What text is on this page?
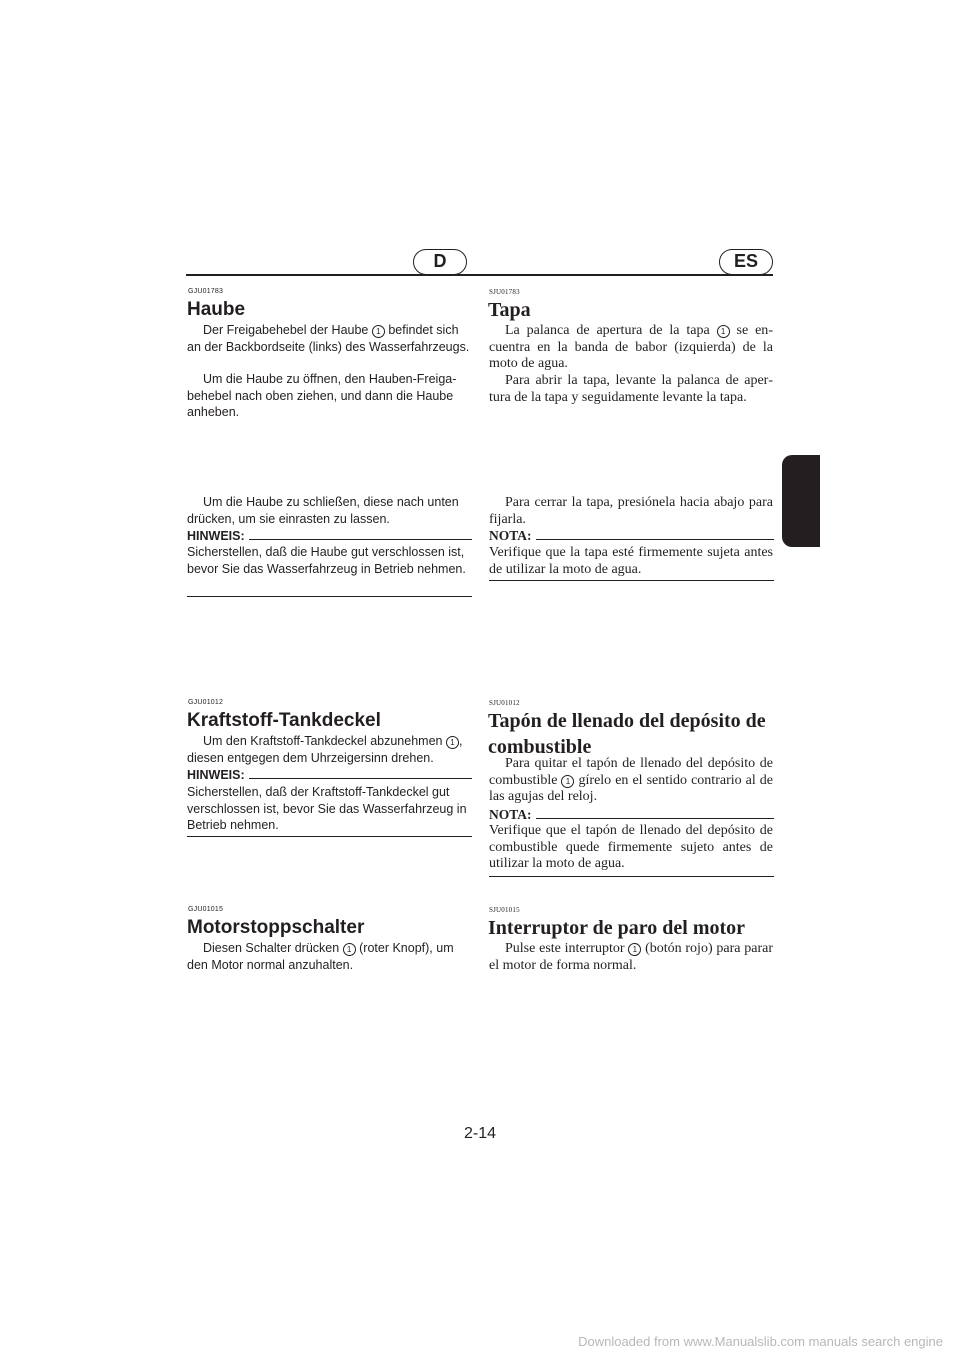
D	ES
GJU01783
Haube

Der Freigabehebel der Haube 1 befindet sich an der Backbordseite (links) des Wasserfahrzeugs.

Um die Haube zu öffnen, den Hauben-Freigabehebel nach oben ziehen, und dann die Haube anheben.

Um die Haube zu schließen, diese nach unten drücken, um sie einrasten zu lassen.

HINWEIS:

Sicherstellen, daß die Haube gut verschlossen ist, bevor Sie das Wasserfahrzeug in Betrieb nehmen.

GJU01012
Kraftstoff-Tankdeckel

Um den Kraftstoff-Tankdeckel abzunehmen 1 , diesen entgegen dem Uhrzeigersinn drehen.

HINWEIS:

Sicherstellen, daß der Kraftstoff-Tankdeckel gut verschlossen ist, bevor Sie das Wasserfahrzeug in Betrieb nehmen.

GJU01015
Motorstoppschalter

Diesen Schalter drücken 1 (roter Knopf), um den Motor normal anzuhalten.

SJU01783
Tapa

La palanca de apertura de la tapa 1 se encuentra en la banda de babor (izquierda) de la moto de agua.

Para abrir la tapa, levante la palanca de apertura de la tapa y seguidamente levante la tapa.

Para cerrar la tapa, presiónela hacia abajo para fijarla.

NOTA:

Verifique que la tapa esté firmemente sujeta antes de utilizar la moto de agua.

SJU01012
Tapón de llenado del depósito de combustible

Para quitar el tapón de llenado del depósito de combustible 1 gírelo en el sentido contrario al de las agujas del reloj.

NOTA:

Verifique que el tapón de llenado del depósito de combustible quede firmemente sujeto antes de utilizar la moto de agua.

SJU01015
Interruptor de paro del motor

Pulse este interruptor 1 (botón rojo) para parar el motor de forma normal.

2-14
Downloaded from www.Manualslib.com manuals search engine
